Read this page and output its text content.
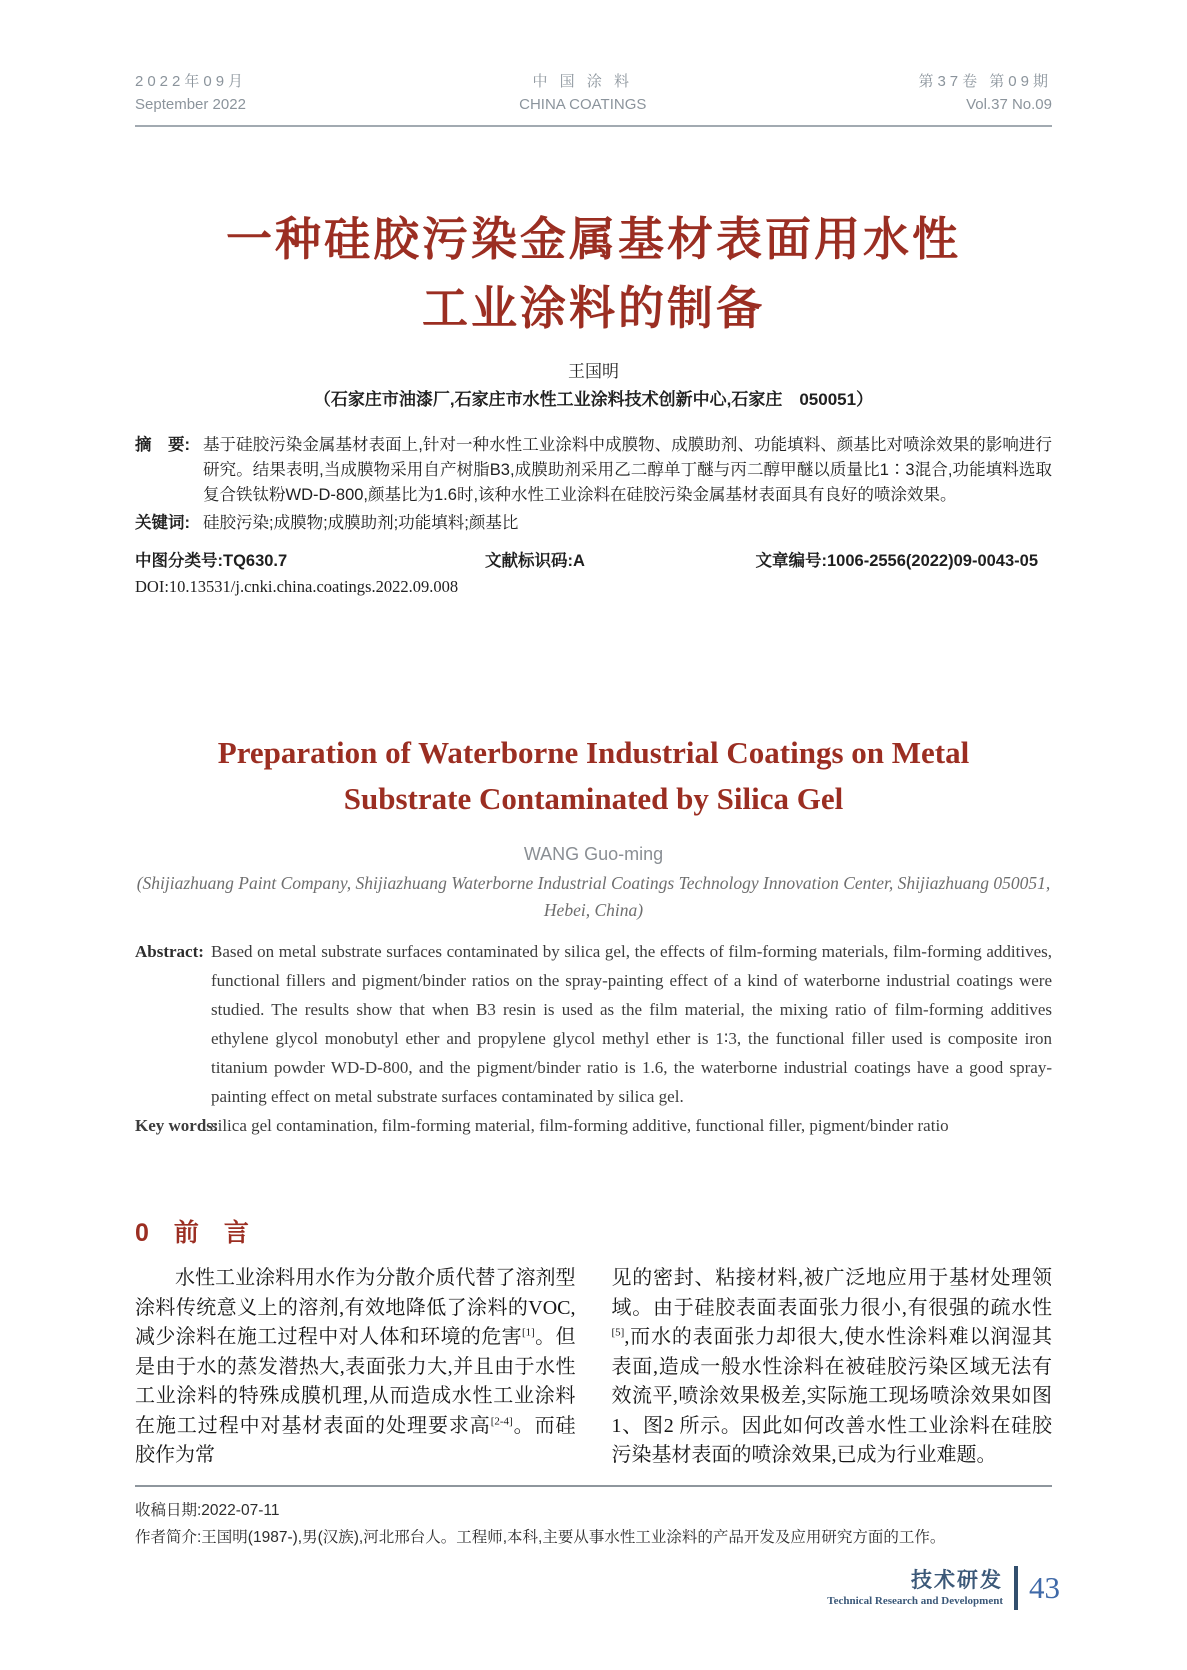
2022年09月
September 2022
中 国 涂 料
CHINA COATINGS
第37卷 第09期
Vol.37 No.09
一种硅胶污染金属基材表面用水性
工业涂料的制备
王国明
（石家庄市油漆厂,石家庄市水性工业涂料技术创新中心,石家庄　050051）
摘　要: 基于硅胶污染金属基材表面上,针对一种水性工业涂料中成膜物、成膜助剂、功能填料、颜基比对喷涂效果的影响进行研究。结果表明,当成膜物采用自产树脂B3,成膜助剂采用乙二醇单丁醚与丙二醇甲醚以质量比1∶3混合,功能填料选取复合铁钛粉WD-D-800,颜基比为1.6时,该种水性工业涂料在硅胶污染金属基材表面具有良好的喷涂效果。
关键词: 硅胶污染;成膜物;成膜助剂;功能填料;颜基比
中图分类号:TQ630.7	文献标识码:A	文章编号:1006-2556(2022)09-0043-05
DOI:10.13531/j.cnki.china.coatings.2022.09.008
Preparation of Waterborne Industrial Coatings on Metal
Substrate Contaminated by Silica Gel
WANG Guo-ming
(Shijiazhuang Paint Company, Shijiazhuang Waterborne Industrial Coatings Technology Innovation Center, Shijiazhuang 050051,
Hebei, China)
Abstract: Based on metal substrate surfaces contaminated by silica gel, the effects of film-forming materials, film-forming additives, functional fillers and pigment/binder ratios on the spray-painting effect of a kind of waterborne industrial coatings were studied. The results show that when B3 resin is used as the film material, the mixing ratio of film-forming additives ethylene glycol monobutyl ether and propylene glycol methyl ether is 1∶3, the functional filler used is composite iron titanium powder WD-D-800, and the pigment/binder ratio is 1.6, the waterborne industrial coatings have a good spray-painting effect on metal substrate surfaces contaminated by silica gel.
Key words:
silica gel contamination, film-forming material, film-forming additive, functional filler, pigment/binder ratio
0　前　言

水性工业涂料用水作为分散介质代替了溶剂型涂料传统意义上的溶剂,有效地降低了涂料的VOC,减少涂料在施工过程中对人体和环境的危害[1]。但是由于水的蒸发潜热大,表面张力大,并且由于水性工业涂料的特殊成膜机理,从而造成水性工业涂料在施工过程中对基材表面的处理要求高[2-4]。而硅胶作为常

见的密封、粘接材料,被广泛地应用于基材处理领域。由于硅胶表面表面张力很小,有很强的疏水性[5],而水的表面张力却很大,使水性涂料难以润湿其表面,造成一般水性涂料在被硅胶污染区域无法有效流平,喷涂效果极差,实际施工现场喷涂效果如图1、图2 所示。因此如何改善水性工业涂料在硅胶污染基材表面的喷涂效果,已成为行业难题。

收稿日期:2022-07-11
作者简介:王国明(1987-),男(汉族),河北邢台人。工程师,本科,主要从事水性工业涂料的产品开发及应用研究方面的工作。
技术研发
Technical Research and Development 43
